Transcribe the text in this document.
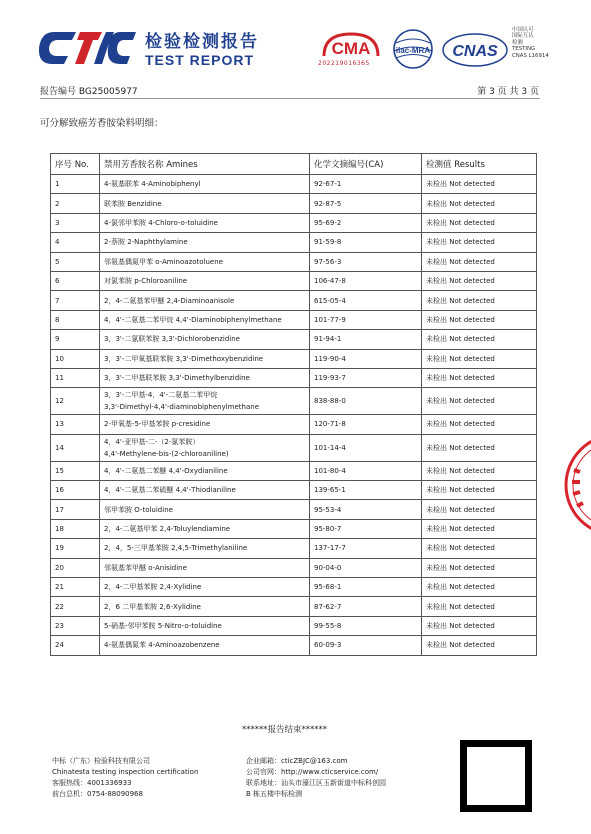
检验检测报告
TEST REPORT
CMA
202219016365
ilac-MRA CNAS
中国认可
国际互认
检测
TESTING
CNAS L16914
报告编号 BG25005977	第 3 页 共 3 页
可分解致癌芳香胺染料明细：
序号 No.	禁用芳香胺名称 Amines	化学文摘编号(CA)	检测值 Results
1	4-氨基联苯 4-Aminobiphenyl	92-67-1	未检出 Not detected
2	联苯胺 Benzidine	92-87-5	未检出 Not detected
3	4-氯邻甲苯胺 4-Chloro-o-toluidine	95-69-2	未检出 Not detected
4	2-萘胺 2-Naphthylamine	91-59-8	未检出 Not detected
5	邻氨基偶氮甲苯 o-Aminoazotoluene	97-56-3	未检出 Not detected
6	对氯苯胺 p-Chloroaniline	106-47-8	未检出 Not detected
7	2，4-二氨基苯甲醚 2,4-Diaminoanisole	615-05-4	未检出 Not detected
8	4，4'-二氨基二苯甲烷 4,4'-Diaminobiphenylmethane	101-77-9	未检出 Not detected
9	3，3'-二氯联苯胺 3,3'-Dichlorobenzidine	91-94-1	未检出 Not detected
10	3，3'-二甲氧基联苯胺 3,3'-Dimethoxybenzidine	119-90-4	未检出 Not detected
11	3，3'-二甲基联苯胺 3,3'-Dimethylbenzidine	119-93-7	未检出 Not detected
12	3，3'-二甲基-4，4'-二氨基二苯甲烷
3,3'-Dimethyl-4,4'-diaminobiphenylmethane	838-88-0	未检出 Not detected
13	2-甲氧基-5-甲基苯胺 p-cresidine	120-71-8	未检出 Not detected
14	4，4'-亚甲基-二-（2-氯苯胺）
4,4'-Methylene-bis-(2-chloroaniline)	101-14-4	未检出 Not detected
15	4，4'-二氨基二苯醚 4,4'-Oxydianiline	101-80-4	未检出 Not detected
16	4，4'-二氨基二苯硫醚 4,4'-Thiodianiline	139-65-1	未检出 Not detected
17	邻甲苯胺 O-toluidine	95-53-4	未检出 Not detected
18	2，4-二氨基甲苯 2,4-Toluylendiamine	95-80-7	未检出 Not detected
19	2，4，5-三甲基苯胺 2,4,5-Trimethylaniline	137-17-7	未检出 Not detected
20	邻氨基苯甲醚 o-Anisidine	90-04-0	未检出 Not detected
21	2，4-二甲基苯胺 2,4-Xylidine	95-68-1	未检出 Not detected
22	2，6 二甲基苯胺 2,6-Xylidine	87-62-7	未检出 Not detected
23	5-硝基-邻甲苯胺 5-Nitro-o-toluidine	99-55-8	未检出 Not detected
24	4-氨基偶氮苯 4-Aminoazobenzene	60-09-3	未检出 Not detected
******报告结束******
中标（广东）检验科技有限公司
Chinatesta testing inspection certification
客服热线：4001336933
前台总机：0754-88090968
企业邮箱：cticZBJC@163.com
公司官网：http://www.cticservice.com/
联系地址：汕头市濠江区玉新街道中标科创园
B 栋五楼中标检测
